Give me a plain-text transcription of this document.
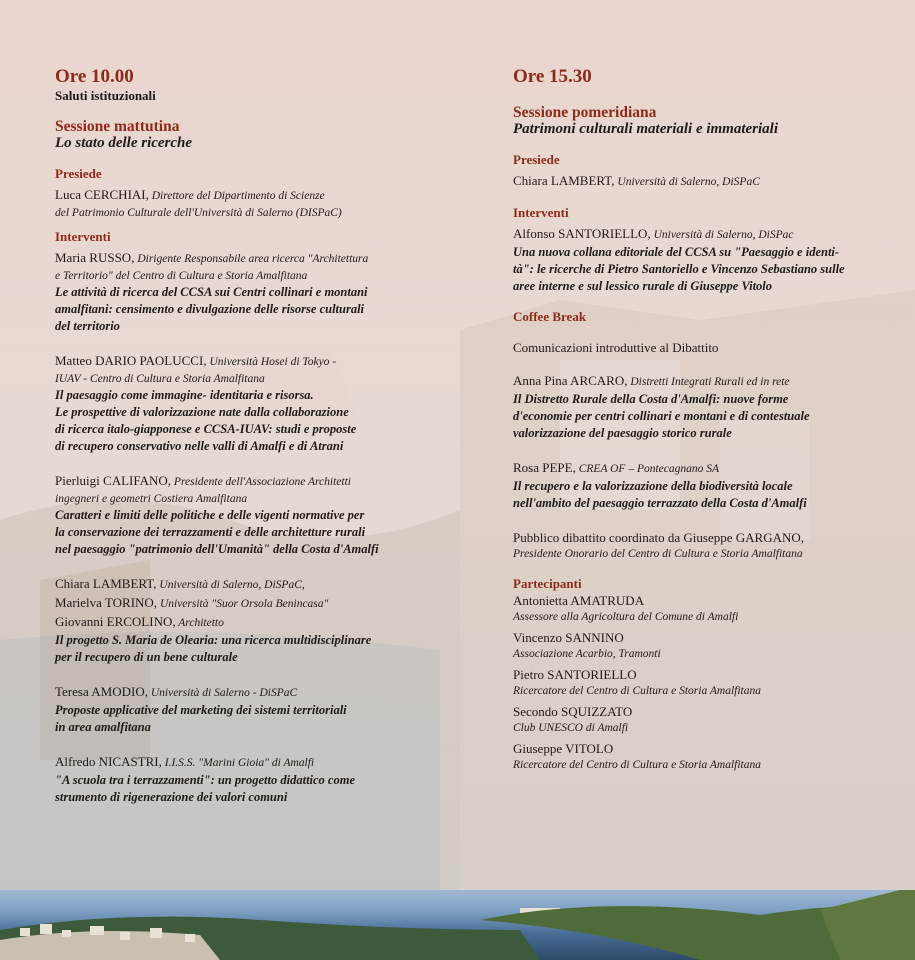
Ore 10.00

Saluti istituzionali

Sessione mattutina

Lo stato delle ricerche

Presiede

Luca CERCHIAI, Direttore del Dipartimento di Scienze

del Patrimonio Culturale dell'Università di Salerno (DISPaC)

Interventi

Maria RUSSO, Dirigente Responsabile area ricerca "Architettura

e Territorio" del Centro di Cultura e Storia Amalfitana

Le attività di ricerca del CCSA sui Centri collinari e montani

amalfitani: censimento e divulgazione delle risorse culturali

del territorio

Matteo DARIO PAOLUCCI, Università Hosei di Tokyo -

IUAV - Centro di Cultura e Storia Amalfitana

Il paesaggio come immagine- identitaria e risorsa.

Le prospettive di valorizzazione nate dalla collaborazione

di ricerca italo-giapponese e CCSA-IUAV: studi e proposte

di recupero conservativo nelle valli di Amalfi e di Atrani

Pierluigi CALIFANO, Presidente dell'Associazione Architetti

ingegneri e geometri Costiera Amalfitana

Caratteri e limiti delle politiche e delle vigenti normative per

la conservazione dei terrazzamenti e delle architetture rurali

nel paesaggio "patrimonio dell'Umanità" della Costa d'Amalfi

Chiara LAMBERT, Università di Salerno, DiSPaC,

Marielva TORINO, Università "Suor Orsola Benincasa"

Giovanni ERCOLINO, Architetto

Il progetto S. Maria de Olearia: una ricerca multidisciplinare

per il recupero di un bene culturale

Teresa AMODIO, Università di Salerno - DiSPaC

Proposte applicative del marketing dei sistemi territoriali

in area amalfitana

Alfredo NICASTRI, I.I.S.S. "Marini Gioia" di Amalfi

"A scuola tra i terrazzamenti": un progetto didattico come

strumento di rigenerazione dei valori comuni

Ore 15.30

Sessione pomeridiana

Patrimoni culturali materiali e immateriali

Presiede

Chiara LAMBERT, Università di Salerno, DiSPaC

Interventi

Alfonso SANTORIELLO, Università di Salerno, DiSPac

Una nuova collana editoriale del CCSA su "Paesaggio e identi-

tà": le ricerche di Pietro Santoriello e Vincenzo Sebastiano sulle

aree interne e sul lessico rurale di Giuseppe Vitolo

Coffee Break

Comunicazioni introduttive al Dibattito

Anna Pina ARCARO, Distretti Integrati Rurali ed in rete

Il Distretto Rurale della Costa d'Amalfi: nuove forme

d'economie per centri collinari e montani e di contestuale

valorizzazione del paesaggio storico rurale

Rosa PEPE, CREA OF – Pontecagnano SA

Il recupero e la valorizzazione della biodiversità locale

nell'ambito del paesaggio terrazzato della Costa d'Amalfi

Pubblico dibattito coordinato da Giuseppe GARGANO,

Presidente Onorario del Centro di Cultura e Storia Amalfitana

Partecipanti

Antonietta AMATRUDA

Assessore alla Agricoltura del Comune di Amalfi

Vincenzo SANNINO

Associazione Acarbio, Tramonti

Pietro SANTORIELLO

Ricercatore del Centro di Cultura e Storia Amalfitana

Secondo SQUIZZATO

Club UNESCO di Amalfi

Giuseppe VITOLO

Ricercatore del Centro di Cultura e Storia Amalfitana
